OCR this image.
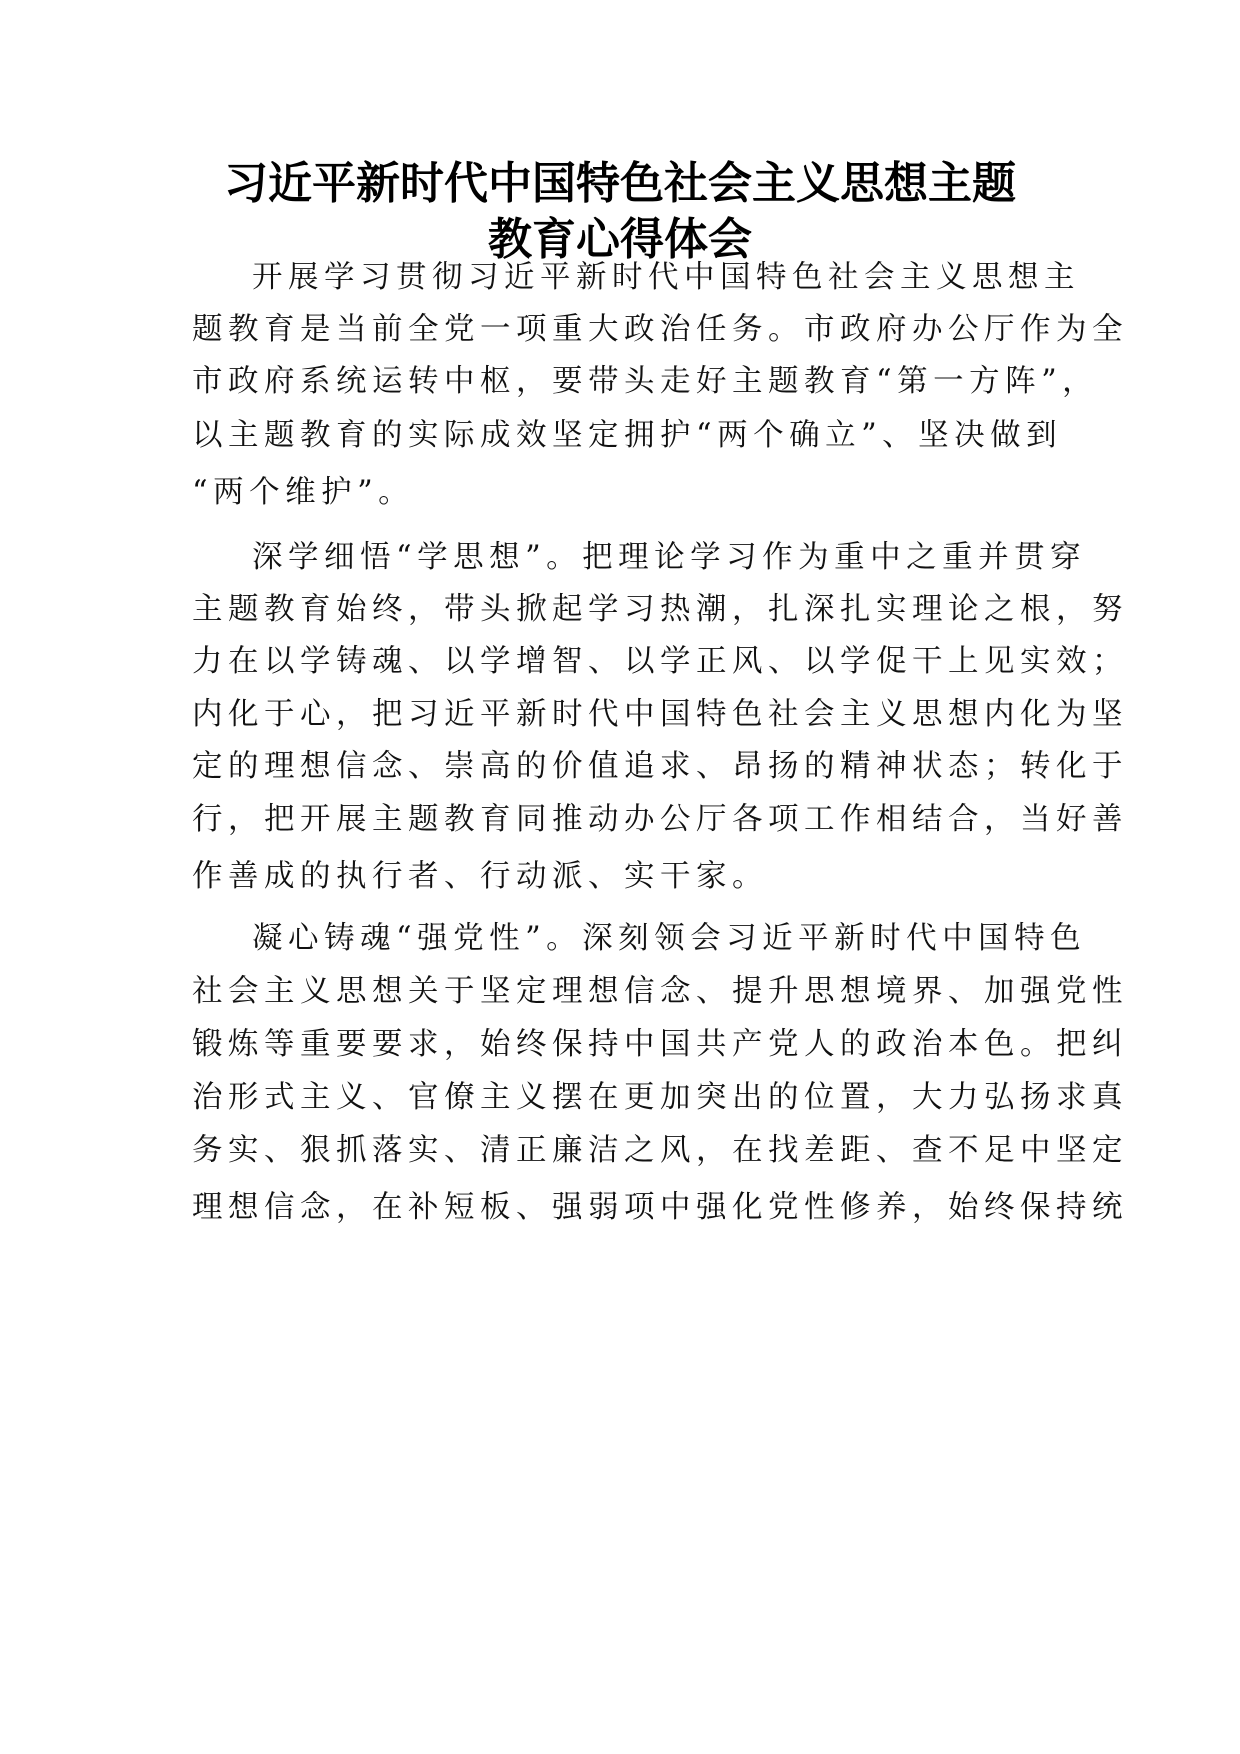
习近平新时代中国特色社会主义思想主题
教育心得体会
开展学习贯彻习近平新时代中国特色社会主义思想主
题教育是当前全党一项重大政治任务。市政府办公厅作为全
市政府系统运转中枢，要带头走好主题教育“第一方阵”，
以主题教育的实际成效坚定拥护“两个确立”、坚决做到
“两个维护”。
深学细悟“学思想”。把理论学习作为重中之重并贯穿
主题教育始终，带头掀起学习热潮，扎深扎实理论之根，努
力在以学铸魂、以学增智、以学正风、以学促干上见实效；
内化于心，把习近平新时代中国特色社会主义思想内化为坚
定的理想信念、崇高的价值追求、昂扬的精神状态；转化于
行，把开展主题教育同推动办公厅各项工作相结合，当好善
作善成的执行者、行动派、实干家。
凝心铸魂“强党性”。深刻领会习近平新时代中国特色
社会主义思想关于坚定理想信念、提升思想境界、加强党性
锻炼等重要要求，始终保持中国共产党人的政治本色。把纠
治形式主义、官僚主义摆在更加突出的位置，大力弘扬求真
务实、狠抓落实、清正廉洁之风，在找差距、查不足中坚定
理想信念，在补短板、强弱项中强化党性修养，始终保持统
